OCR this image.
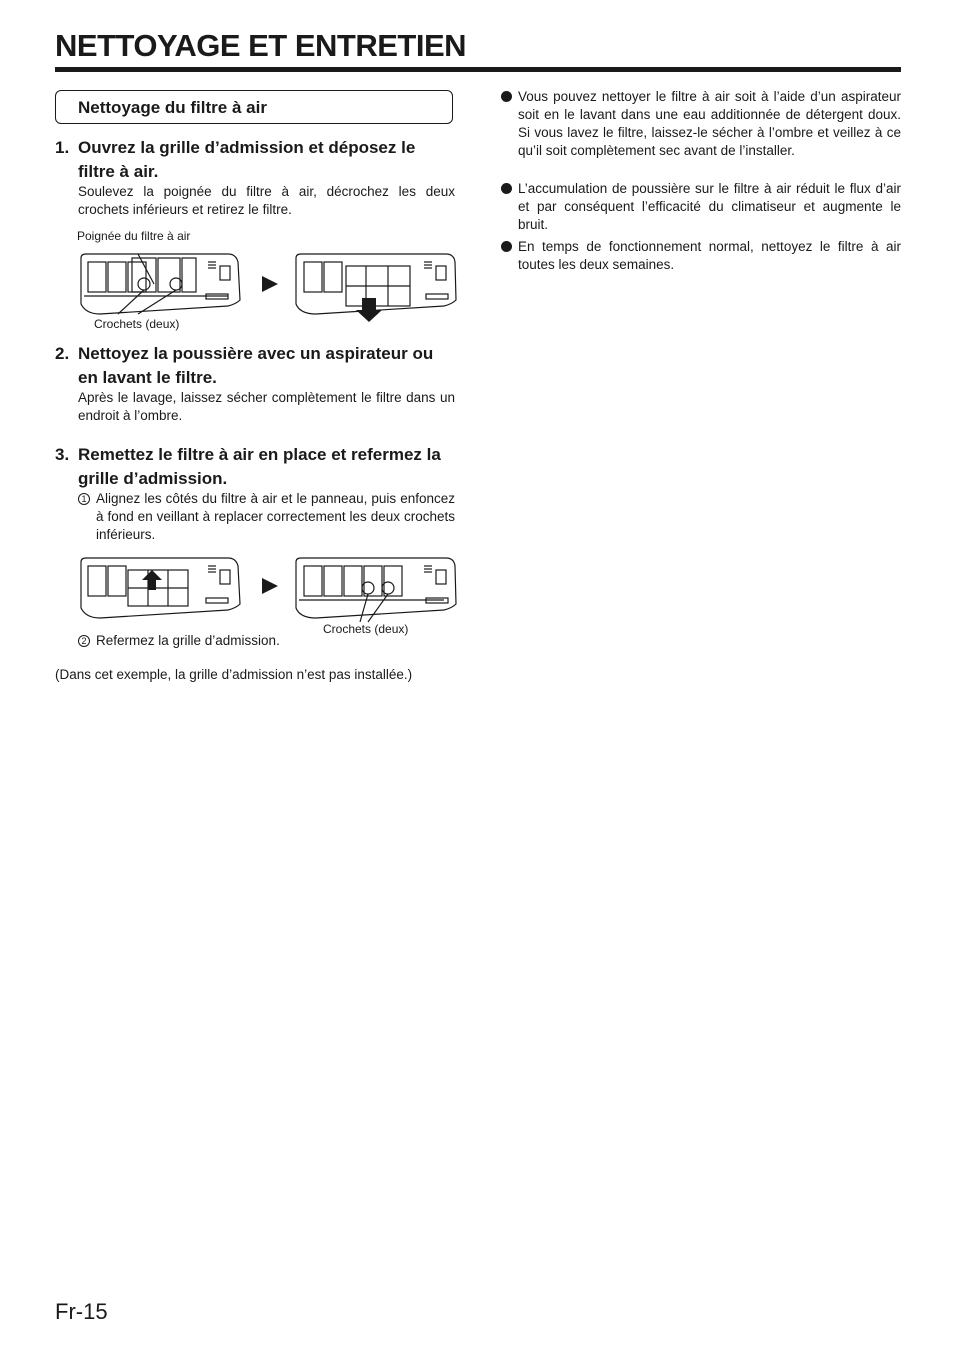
NETTOYAGE ET ENTRETIEN
Nettoyage du filtre à air
1. Ouvrez la grille d’admission et déposez le filtre à air.
Soulevez la poignée du filtre à air, décrochez les deux crochets inférieurs et retirez le filtre.
Poignée du filtre à air
Crochets (deux)
2. Nettoyez la poussière avec un aspirateur ou en lavant le filtre.
Après le lavage, laissez sécher complètement le filtre dans un endroit à l’ombre.
3. Remettez le filtre à air en place et refermez la grille d’admission.
1 Alignez les côtés du filtre à air et le panneau, puis enfoncez à fond en veillant à replacer correctement les deux crochets inférieurs.
2 Refermez la grille d’admission.
Crochets (deux)
(Dans cet exemple, la grille d’admission n’est pas installée.)
Vous pouvez nettoyer le filtre à air soit à l’aide d’un aspirateur soit en le lavant dans une eau additionnée de détergent doux. Si vous lavez le filtre, laissez-le sécher à l’ombre et veillez à ce qu’il soit complètement sec avant de l’installer.
L’accumulation de poussière sur le filtre à air réduit le flux d’air et par conséquent l’efficacité du climatiseur et augmente le bruit.
En temps de fonctionnement normal, nettoyez le filtre à air toutes les deux semaines.
Fr-15
